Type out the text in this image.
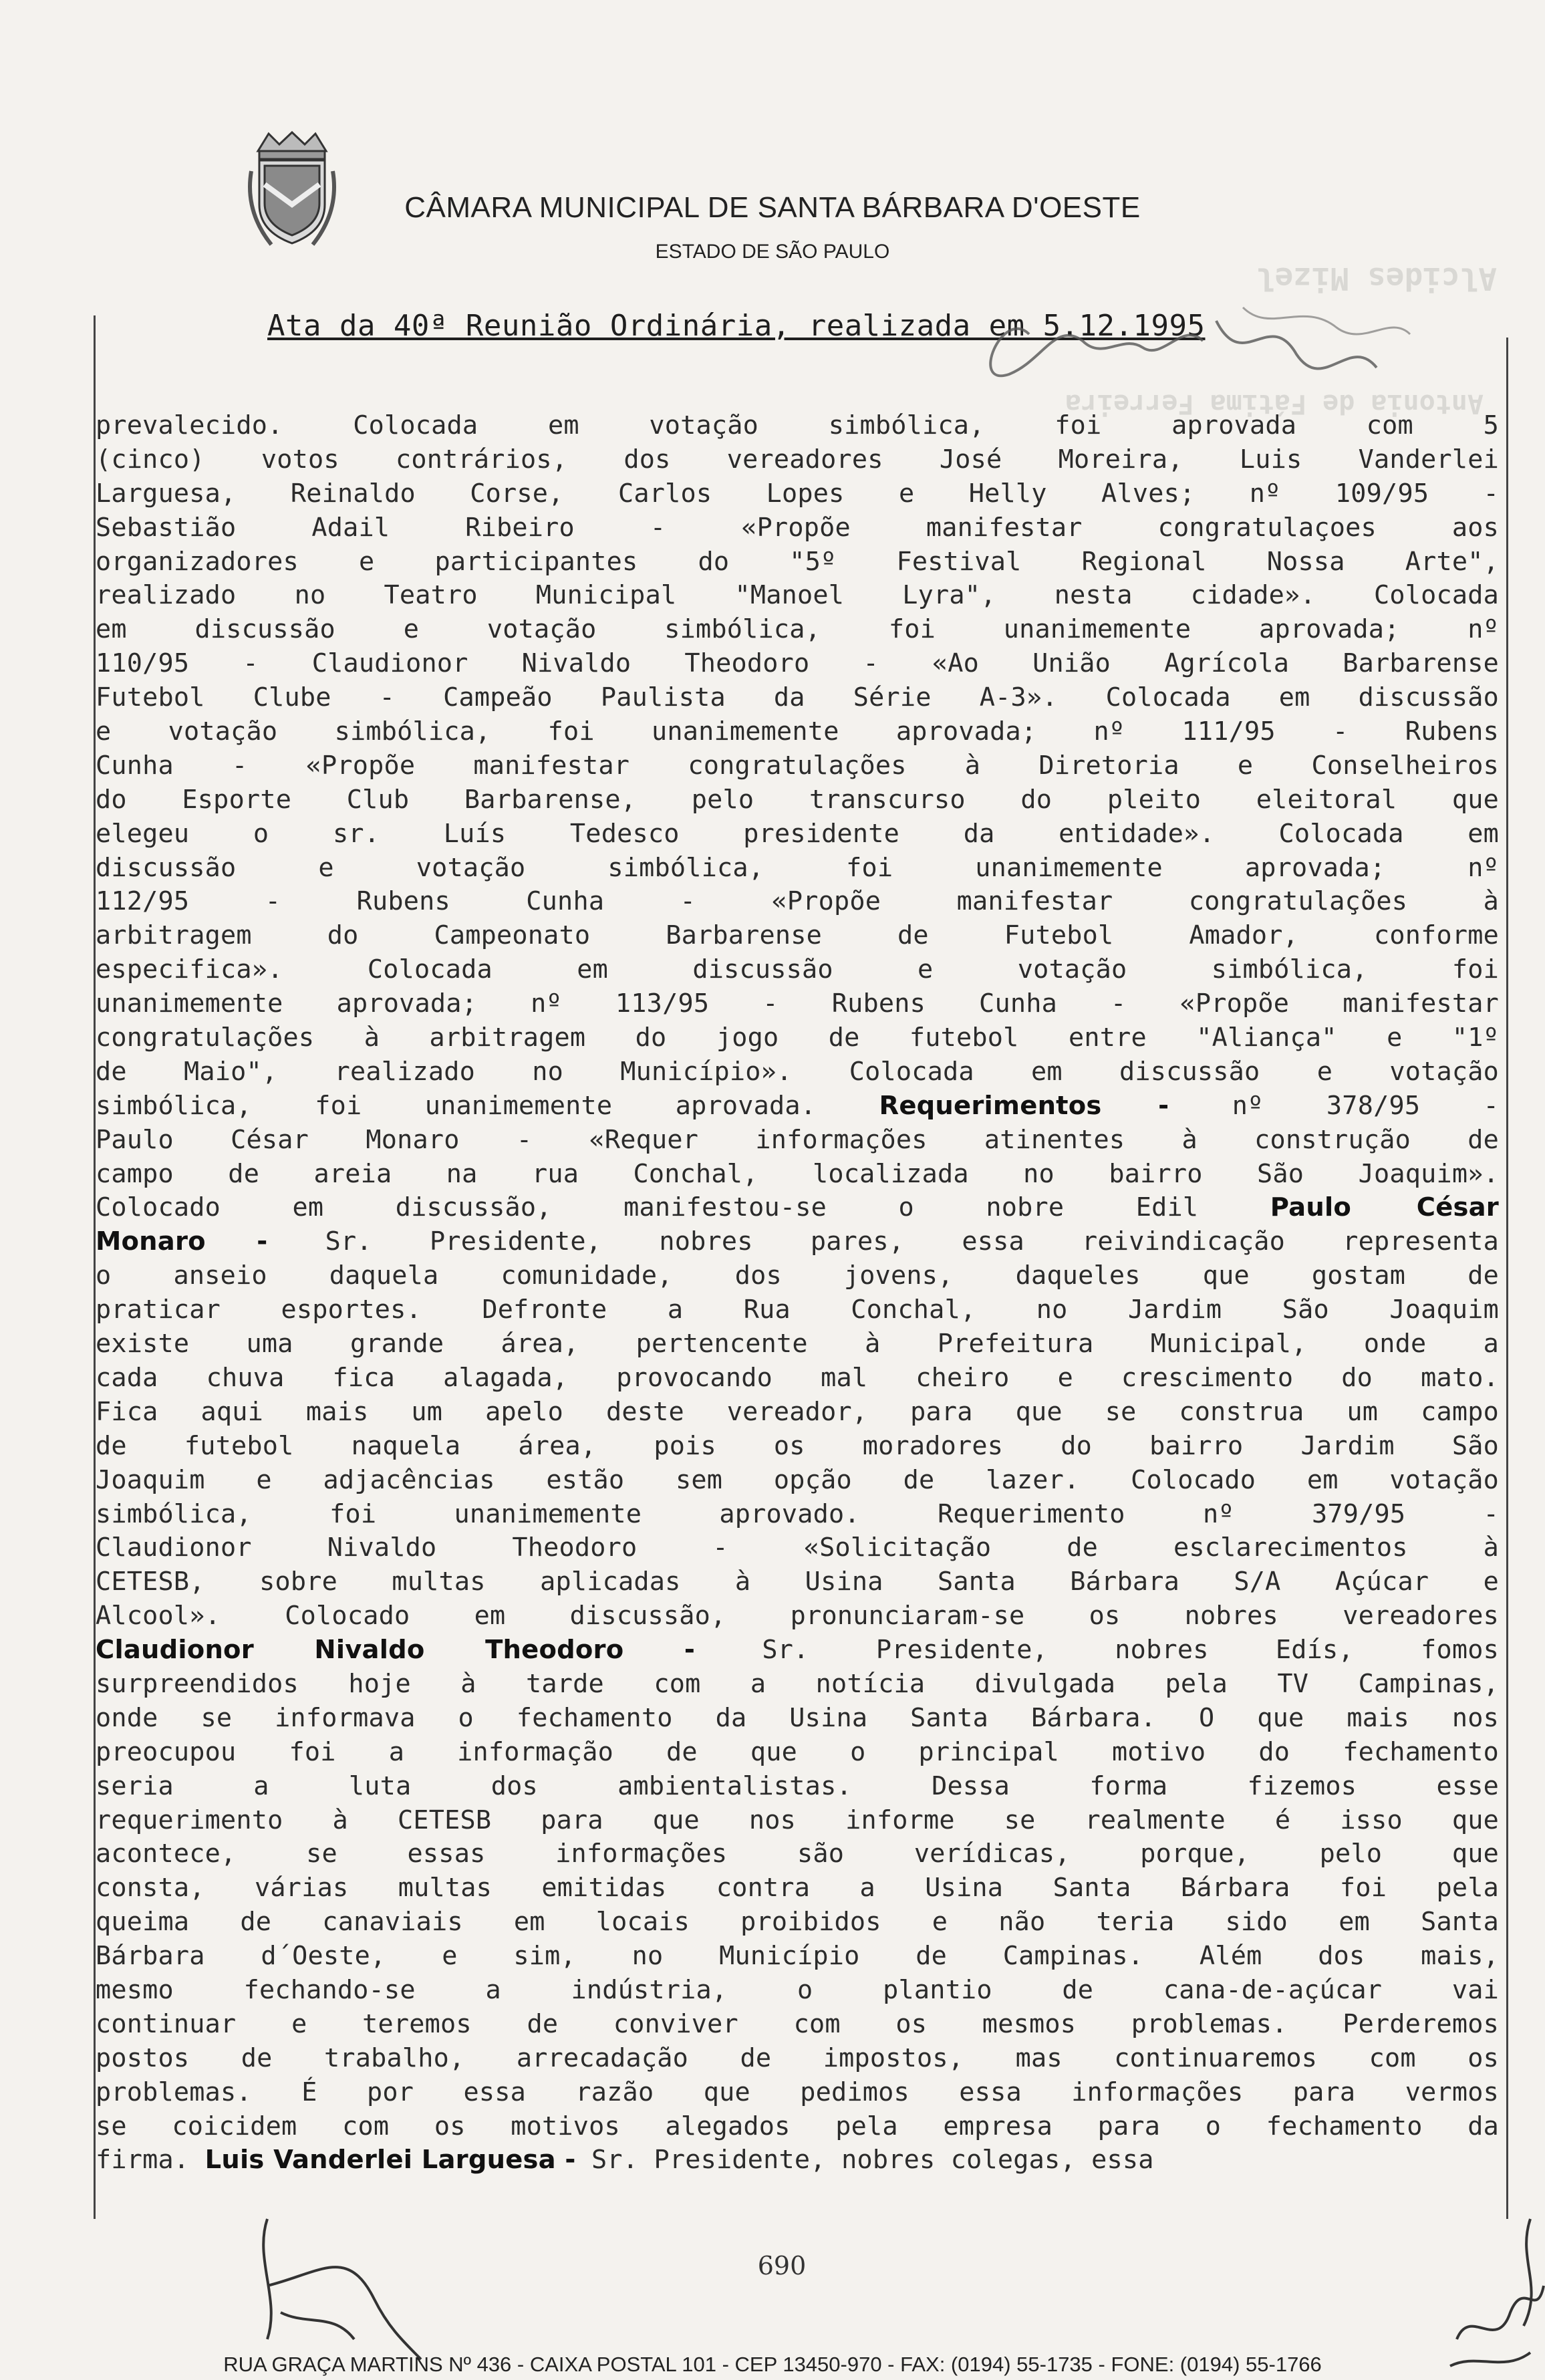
CÂMARA MUNICIPAL DE SANTA BÁRBARA D'OESTE
ESTADO DE SÃO PAULO
Alcides Mizel
Antonia de Fátima Ferreira
Ata da 40ª Reunião Ordinária, realizada em 5.12.1995
prevalecido. Colocada em votação simbólica, foi aprovada com 5
(cinco) votos contrários, dos vereadores José Moreira, Luis Vanderlei
Larguesa, Reinaldo Corse, Carlos Lopes e Helly Alves; nº 109/95 -
Sebastião Adail Ribeiro - «Propõe manifestar congratulaçoes aos
organizadores e participantes do "5º Festival Regional Nossa Arte",
realizado no Teatro Municipal "Manoel Lyra", nesta cidade». Colocada
em discussão e votação simbólica, foi unanimemente aprovada; nº
110/95 - Claudionor Nivaldo Theodoro - «Ao União Agrícola Barbarense
Futebol Clube - Campeão Paulista da Série A-3». Colocada em discussão
e votação simbólica, foi unanimemente aprovada; nº 111/95 - Rubens
Cunha - «Propõe manifestar congratulações à Diretoria e Conselheiros
do Esporte Club Barbarense, pelo transcurso do pleito eleitoral que
elegeu o sr. Luís Tedesco presidente da entidade». Colocada em
discussão e votação simbólica, foi unanimemente aprovada; nº
112/95 - Rubens Cunha - «Propõe manifestar congratulações à
arbitragem do Campeonato Barbarense de Futebol Amador, conforme
especifica». Colocada em discussão e votação simbólica, foi
unanimemente aprovada; nº 113/95 - Rubens Cunha - «Propõe manifestar
congratulações à arbitragem do jogo de futebol entre "Aliança" e "1º
de Maio", realizado no Município». Colocada em discussão e votação
simbólica, foi unanimemente aprovada. Requerimentos - nº 378/95 -
Paulo César Monaro - «Requer informações atinentes à construção de
campo de areia na rua Conchal, localizada no bairro São Joaquim».
Colocado em discussão, manifestou-se o nobre Edil Paulo César
Monaro - Sr. Presidente, nobres pares, essa reivindicação representa
o anseio daquela comunidade, dos jovens, daqueles que gostam de
praticar esportes. Defronte a Rua Conchal, no Jardim São Joaquim
existe uma grande área, pertencente à Prefeitura Municipal, onde a
cada chuva fica alagada, provocando mal cheiro e crescimento do mato.
Fica aqui mais um apelo deste vereador, para que se construa um campo
de futebol naquela área, pois os moradores do bairro Jardim São
Joaquim e adjacências estão sem opção de lazer. Colocado em votação
simbólica, foi unanimemente aprovado. Requerimento nº 379/95 -
Claudionor Nivaldo Theodoro - «Solicitação de esclarecimentos à
CETESB, sobre multas aplicadas à Usina Santa Bárbara S/A Açúcar e
Alcool». Colocado em discussão, pronunciaram-se os nobres vereadores
Claudionor Nivaldo Theodoro - Sr. Presidente, nobres Edís, fomos
surpreendidos hoje à tarde com a notícia divulgada pela TV Campinas,
onde se informava o fechamento da Usina Santa Bárbara. O que mais nos
preocupou foi a informação de que o principal motivo do fechamento
seria a luta dos ambientalistas. Dessa forma fizemos esse
requerimento à CETESB para que nos informe se realmente é isso que
acontece, se essas informações são verídicas, porque, pelo que
consta, várias multas emitidas contra a Usina Santa Bárbara foi pela
queima de canaviais em locais proibidos e não teria sido em Santa
Bárbara d´Oeste, e sim, no Município de Campinas. Além dos mais,
mesmo fechando-se a indústria, o plantio de cana-de-açúcar vai
continuar e teremos de conviver com os mesmos problemas. Perderemos
postos de trabalho, arrecadação de impostos, mas continuaremos com os
problemas. É por essa razão que pedimos essa informações para vermos
se coicidem com os motivos alegados pela empresa para o fechamento da
firma. Luis Vanderlei Larguesa - Sr. Presidente, nobres colegas, essa
690
RUA GRAÇA MARTINS Nº 436 - CAIXA POSTAL 101 - CEP 13450-970 - FAX: (0194) 55-1735 - FONE: (0194) 55-1766
